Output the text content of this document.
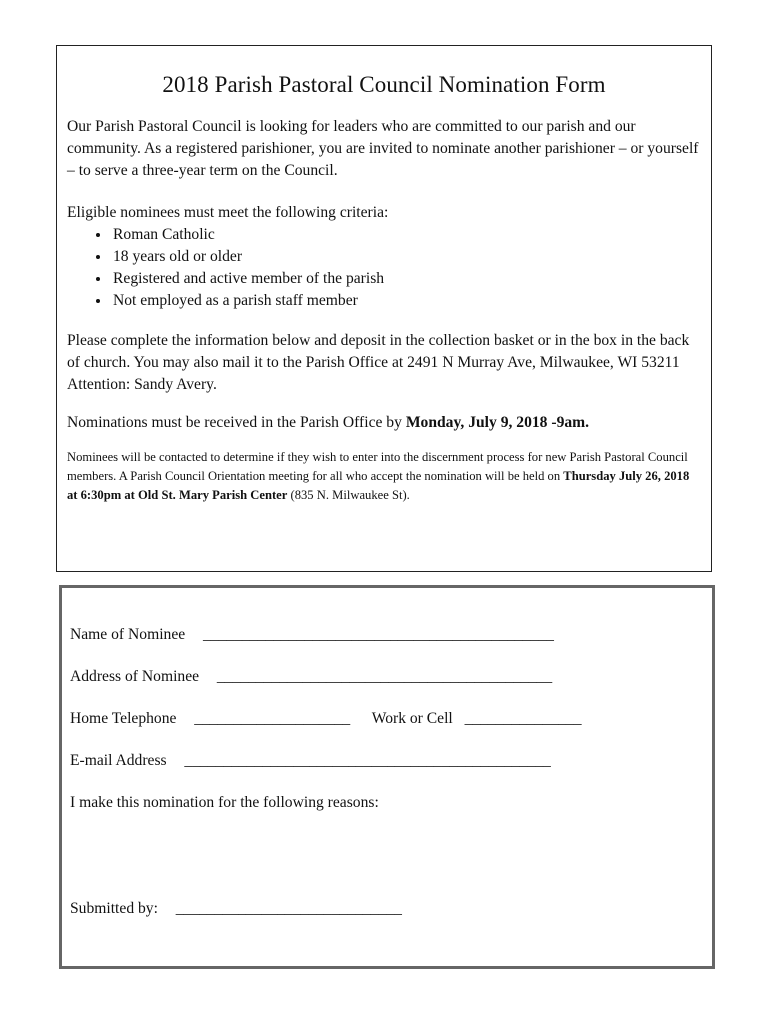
2018 Parish Pastoral Council Nomination Form

Our Parish Pastoral Council is looking for leaders who are committed to our parish and our community. As a registered parishioner, you are invited to nominate another parishioner – or yourself – to serve a three-year term on the Council.

Eligible nominees must meet the following criteria:

• Roman Catholic
• 18 years old or older
• Registered and active member of the parish
• Not employed as a parish staff member

Please complete the information below and deposit in the collection basket or in the box in the back of church. You may also mail it to the Parish Office at 2491 N Murray Ave, Milwaukee, WI 53211 Attention: Sandy Avery.

Nominations must be received in the Parish Office by Monday, July 9, 2018 -9am.

Nominees will be contacted to determine if they wish to enter into the discernment process for new Parish Pastoral Council members. A Parish Council Orientation meeting for all who accept the nomination will be held on Thursday July 26, 2018 at 6:30pm at Old St. Mary Parish Center (835 N. Milwaukee St).

Name of Nominee _____________________________________________
Address of Nominee ___________________________________________
Home Telephone ____________________ Work or Cell _______________
E-mail Address _______________________________________________
I make this nomination for the following reasons:
Submitted by: _____________________________
